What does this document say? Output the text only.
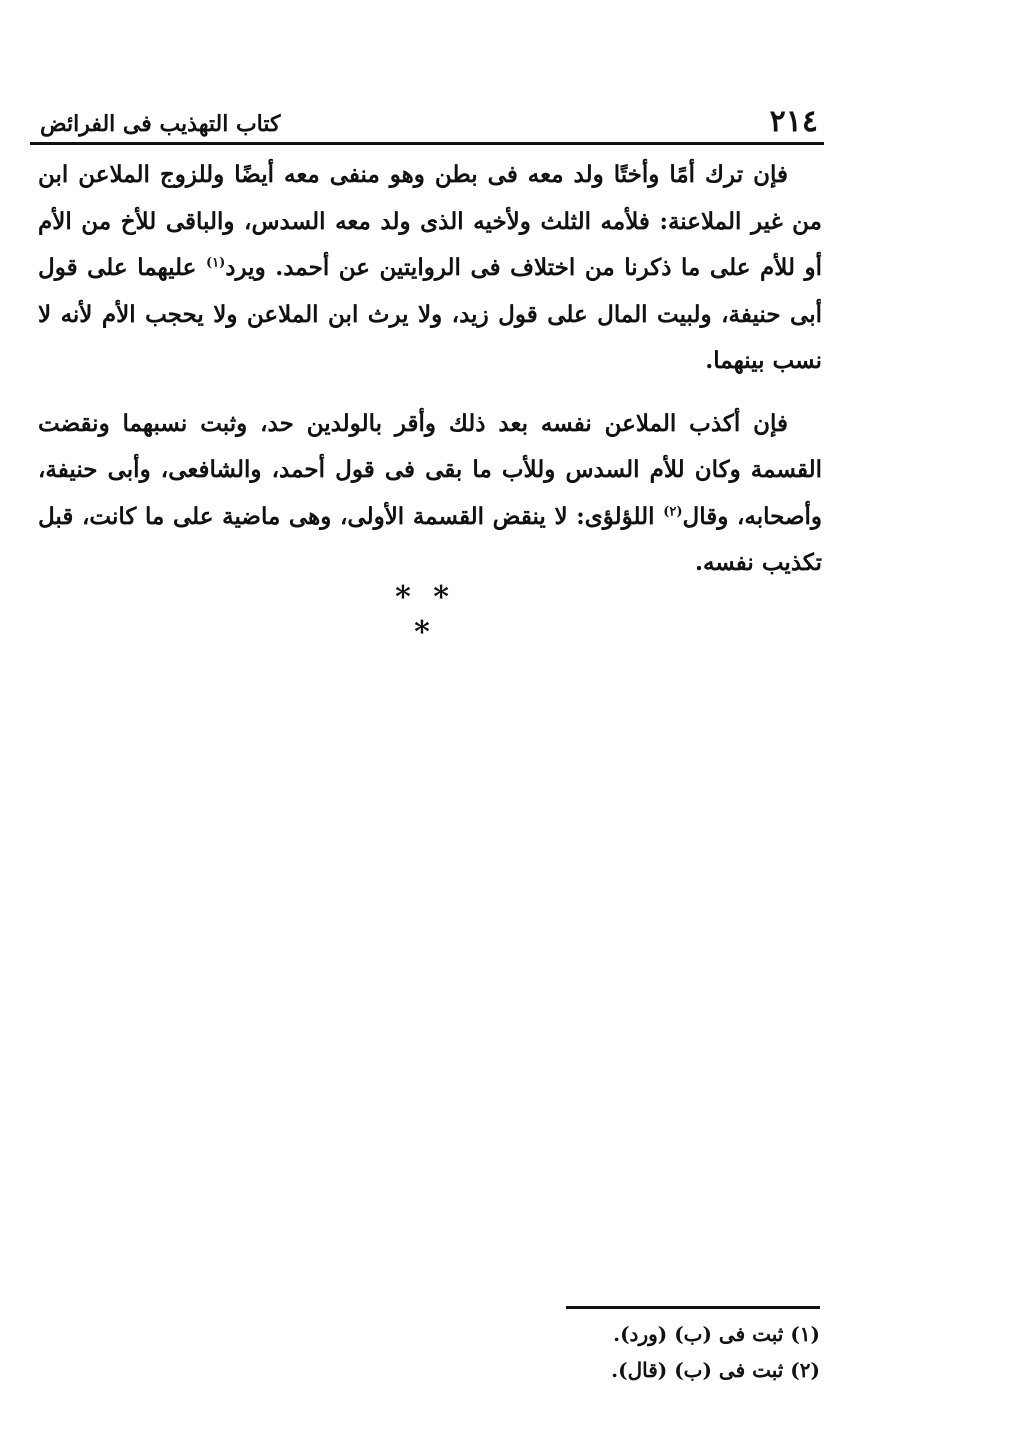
٢١٤
كتاب التهذيب فى الفرائض

فإن ترك أمًا وأختًا ولد معه فى بطن وهو منفى معه أيضًا وللزوج الملاعن ابن من غير الملاعنة: فلأمه الثلث ولأخيه الذى ولد معه السدس، والباقى للأخ من الأم أو للأم على ما ذكرنا من اختلاف فى الروايتين عن أحمد. ويرد$^{(١)}$ عليهما على قول أبى حنيفة، ولبيت المال على قول زيد، ولا يرث ابن الملاعن ولا يحجب الأم لأنه لا نسب بينهما.

فإن أكذب الملاعن نفسه بعد ذلك وأقر بالولدين حد، وثبت نسبهما ونقضت القسمة وكان للأم السدس وللأب ما بقى فى قول أحمد، والشافعى، وأبى حنيفة، وأصحابه، وقال$^{(٢)}$ اللؤلؤى: لا ينقض القسمة الأولى، وهى ماضية على ما كانت، قبل تكذيب نفسه.

* * *
(١) ثبت فى (ب) (ورد).
(٢) ثبت فى (ب) (قال).
